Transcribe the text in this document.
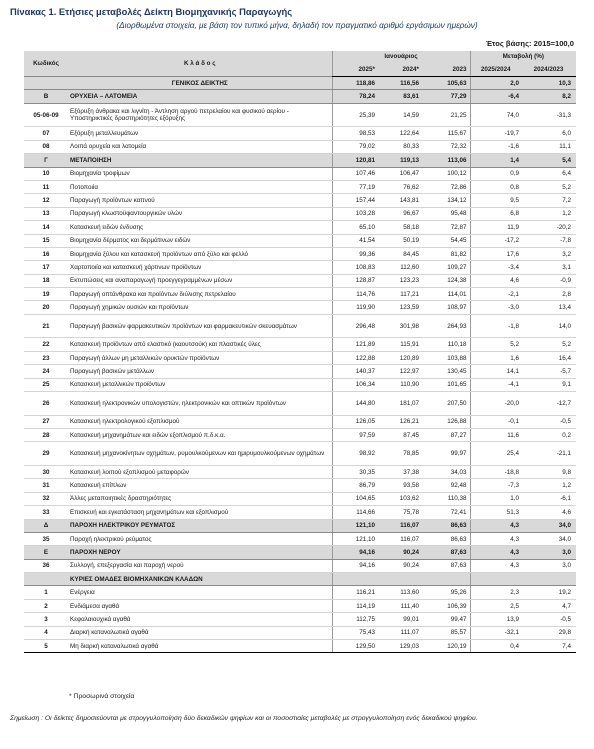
Πίνακας 1. Ετήσιες μεταβολές Δείκτη Βιομηχανικής Παραγωγής
(Διορθωμένα στοιχεία, με βάση τον τυπικό μήνα, δηλαδή τον πραγματικό αριθμό εργάσιμων ημερών)
Έτος βάσης: 2015=100,0
Κωδικός	Κ λ ά δ ο ς	Ιανουάριος			Μεταβολή (%)	
		2025*	2024*	2023	2025/2024	2024/2023
	ΓΕΝΙΚΟΣ ΔΕΙΚΤΗΣ	118,86	116,56	105,63	2,0	10,3
B	ΟΡΥΧΕΙΑ – ΛΑΤΟΜΕΙΑ	78,24	83,61	77,29	-6,4	8,2
05-06-09	Εξόρυξη άνθρακα και λιγνίτη - Άντληση αργού πετρελαίου και φυσικού αερίου - Υποστηρικτικές δραστηριότητες εξόρυξης	25,39	14,59	21,25	74,0	-31,3
07	Εξόρυξη μεταλλευμάτων	98,53	122,64	115,67	-19,7	6,0
08	Λοιπά ορυχεία και λατομεία	79,02	80,33	72,32	-1,6	11,1
Γ	ΜΕΤΑΠΟΙΗΣΗ	120,81	119,13	113,06	1,4	5,4
10	Βιομηχανία τροφίμων	107,46	106,47	100,12	0,9	6,4
11	Ποτοποιία	77,19	76,62	72,86	0,8	5,2
12	Παραγωγή προϊόντων καπνού	157,44	143,81	134,12	9,5	7,2
13	Παραγωγή κλωστοϋφαντουργικών υλών	103,28	96,67	95,48	6,8	1,2
14	Κατασκευή ειδών ένδυσης	65,10	58,18	72,87	11,9	-20,2
15	Βιομηχανία δέρματος και δερμάτινων ειδών	41,54	50,19	54,45	-17,2	-7,8
16	Βιομηχανία ξύλου και κατασκευή προϊόντων από ξύλο και φελλό	99,36	84,45	81,82	17,6	3,2
17	Χαρτοποιία και κατασκευή χάρτινων προϊόντων	108,83	112,60	109,27	-3,4	3,1
18	Εκτυπώσεις και αναπαραγωγή προεγγεγραμμένων μέσων	128,87	123,23	124,38	4,6	-0,9
19	Παραγωγή οπτάνθρακα και προϊόντων διύλισης πετρελαίου	114,76	117,21	114,01	-2,1	2,8
20	Παραγωγή χημικών ουσιών και προϊόντων	119,90	123,59	108,97	-3,0	13,4
21	Παραγωγή βασικών φαρμακευτικών προϊόντων και φαρμακευτικών σκευασμάτων	296,48	301,98	264,93	-1,8	14,0
22	Κατασκευή προϊόντων από ελαστικό (καουτσούκ) και πλαστικές ύλες	121,89	115,91	110,18	5,2	5,2
23	Παραγωγή άλλων μη μεταλλικών ορυκτών προϊόντων	122,88	120,89	103,88	1,6	16,4
24	Παραγωγή βασικών μετάλλων	140,37	122,97	130,45	14,1	-5,7
25	Κατασκευή μεταλλικών προϊόντων	106,34	110,90	101,65	-4,1	9,1
26	Κατασκευή ηλεκτρονικών υπολογιστών, ηλεκτρονικών και οπτικών προϊόντων	144,80	181,07	207,50	-20,0	-12,7
27	Κατασκευή ηλεκτρολογικού εξοπλισμού	126,05	126,21	126,88	-0,1	-0,5
28	Κατασκευή μηχανημάτων και ειδών εξοπλισμού π.δ.κ.α.	97,59	87,45	87,27	11,6	0,2
29	Κατασκευή μηχανοκίνητων οχημάτων, ρυμουλκούμενων και ημιρυμουλκούμενων οχημάτων	98,92	78,85	99,97	25,4	-21,1
30	Κατασκευή λοιπού εξοπλισμού μεταφορών	30,35	37,38	34,03	-18,8	9,8
31	Κατασκευή επίπλων	86,79	93,58	92,48	-7,3	1,2
32	Άλλες μεταποιητικές δραστηριότητες	104,65	103,62	110,38	1,0	-6,1
33	Επισκευή και εγκατάσταση μηχανημάτων και εξοπλισμού	114,66	75,78	72,41	51,3	4,6
Δ	ΠΑΡΟΧΗ ΗΛΕΚΤΡΙΚΟΥ ΡΕΥΜΑΤΟΣ	121,10	116,07	86,63	4,3	34,0
35	Παροχή ηλεκτρικού ρεύματος	121,10	116,07	86,63	4,3	34,0
Ε	ΠΑΡΟΧΗ ΝΕΡΟΥ	94,16	90,24	87,63	4,3	3,0
36	Συλλογή, επεξεργασία και παροχή νερού	94,16	90,24	87,63	4,3	3,0
	ΚΥΡΙΕΣ ΟΜΑΔΕΣ ΒΙΟΜΗΧΑΝΙΚΩΝ ΚΛΑΔΩΝ					
1	Ενέργεια	116,21	113,60	95,26	2,3	19,2
2	Ενδιάμεσα αγαθά	114,19	111,40	106,39	2,5	4,7
3	Κεφαλαιουχικά αγαθά	112,75	99,01	99,47	13,9	-0,5
4	Διαρκή καταναλωτικά αγαθά	75,43	111,07	85,57	-32,1	29,8
5	Μη διαρκή καταναλωτικά αγαθά	129,50	129,03	120,19	0,4	7,4
* Προσωρινά στοιχεία
Σημείωση : Οι δείκτες δημοσιεύονται με στρογγυλοποίηση δύο δεκαδικών ψηφίων και οι ποσοστιαίες μεταβολές με στρογγυλοποίηση ενός δεκαδικού ψηφίου.
